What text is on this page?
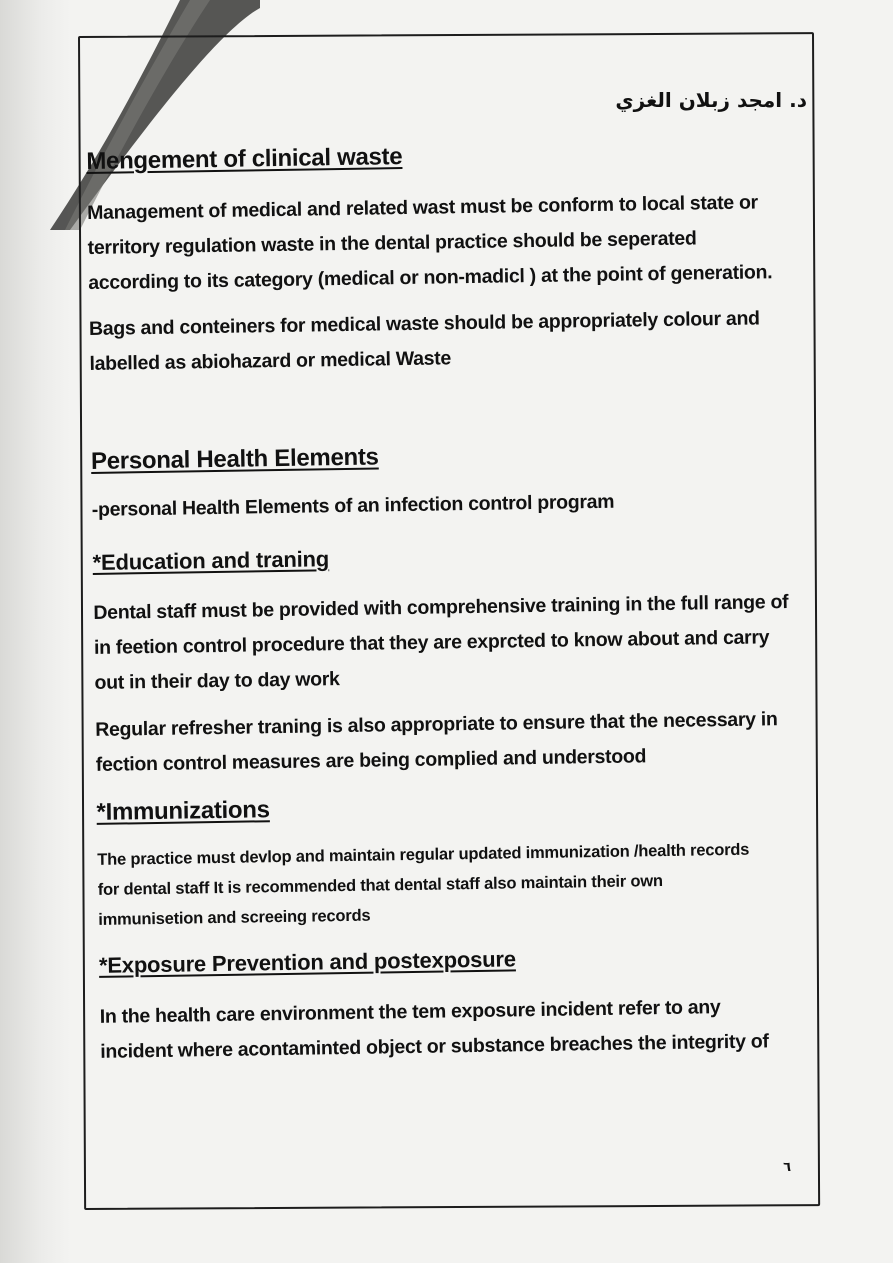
د. امجد زبلان الغزي
Mengement of clinical waste

Management of medical and related wast must be conform to local state or

territory regulation waste in the dental practice should be seperated

according to its category (medical or non-madicl ) at the point of generation.

Bags and conteiners for medical waste should be appropriately colour and

labelled as abiohazard or medical Waste

Personal Health Elements

-personal Health Elements of an infection control program

*Education and traning

Dental staff must be provided with comprehensive training in the full range of

in feetion control procedure that they are exprcted to know about and carry

out in their day to day work

Regular refresher traning is also appropriate to ensure that the necessary in

fection control measures are being complied and understood

*Immunizations

The practice must devlop and maintain regular updated immunization /health records

for dental staff It is recommended that dental staff also maintain their own

immunisetion and screeing records

*Exposure Prevention and postexposure

In the health care environment the tem exposure incident refer to any

incident where acontaminted object or substance breaches the integrity of

٦
